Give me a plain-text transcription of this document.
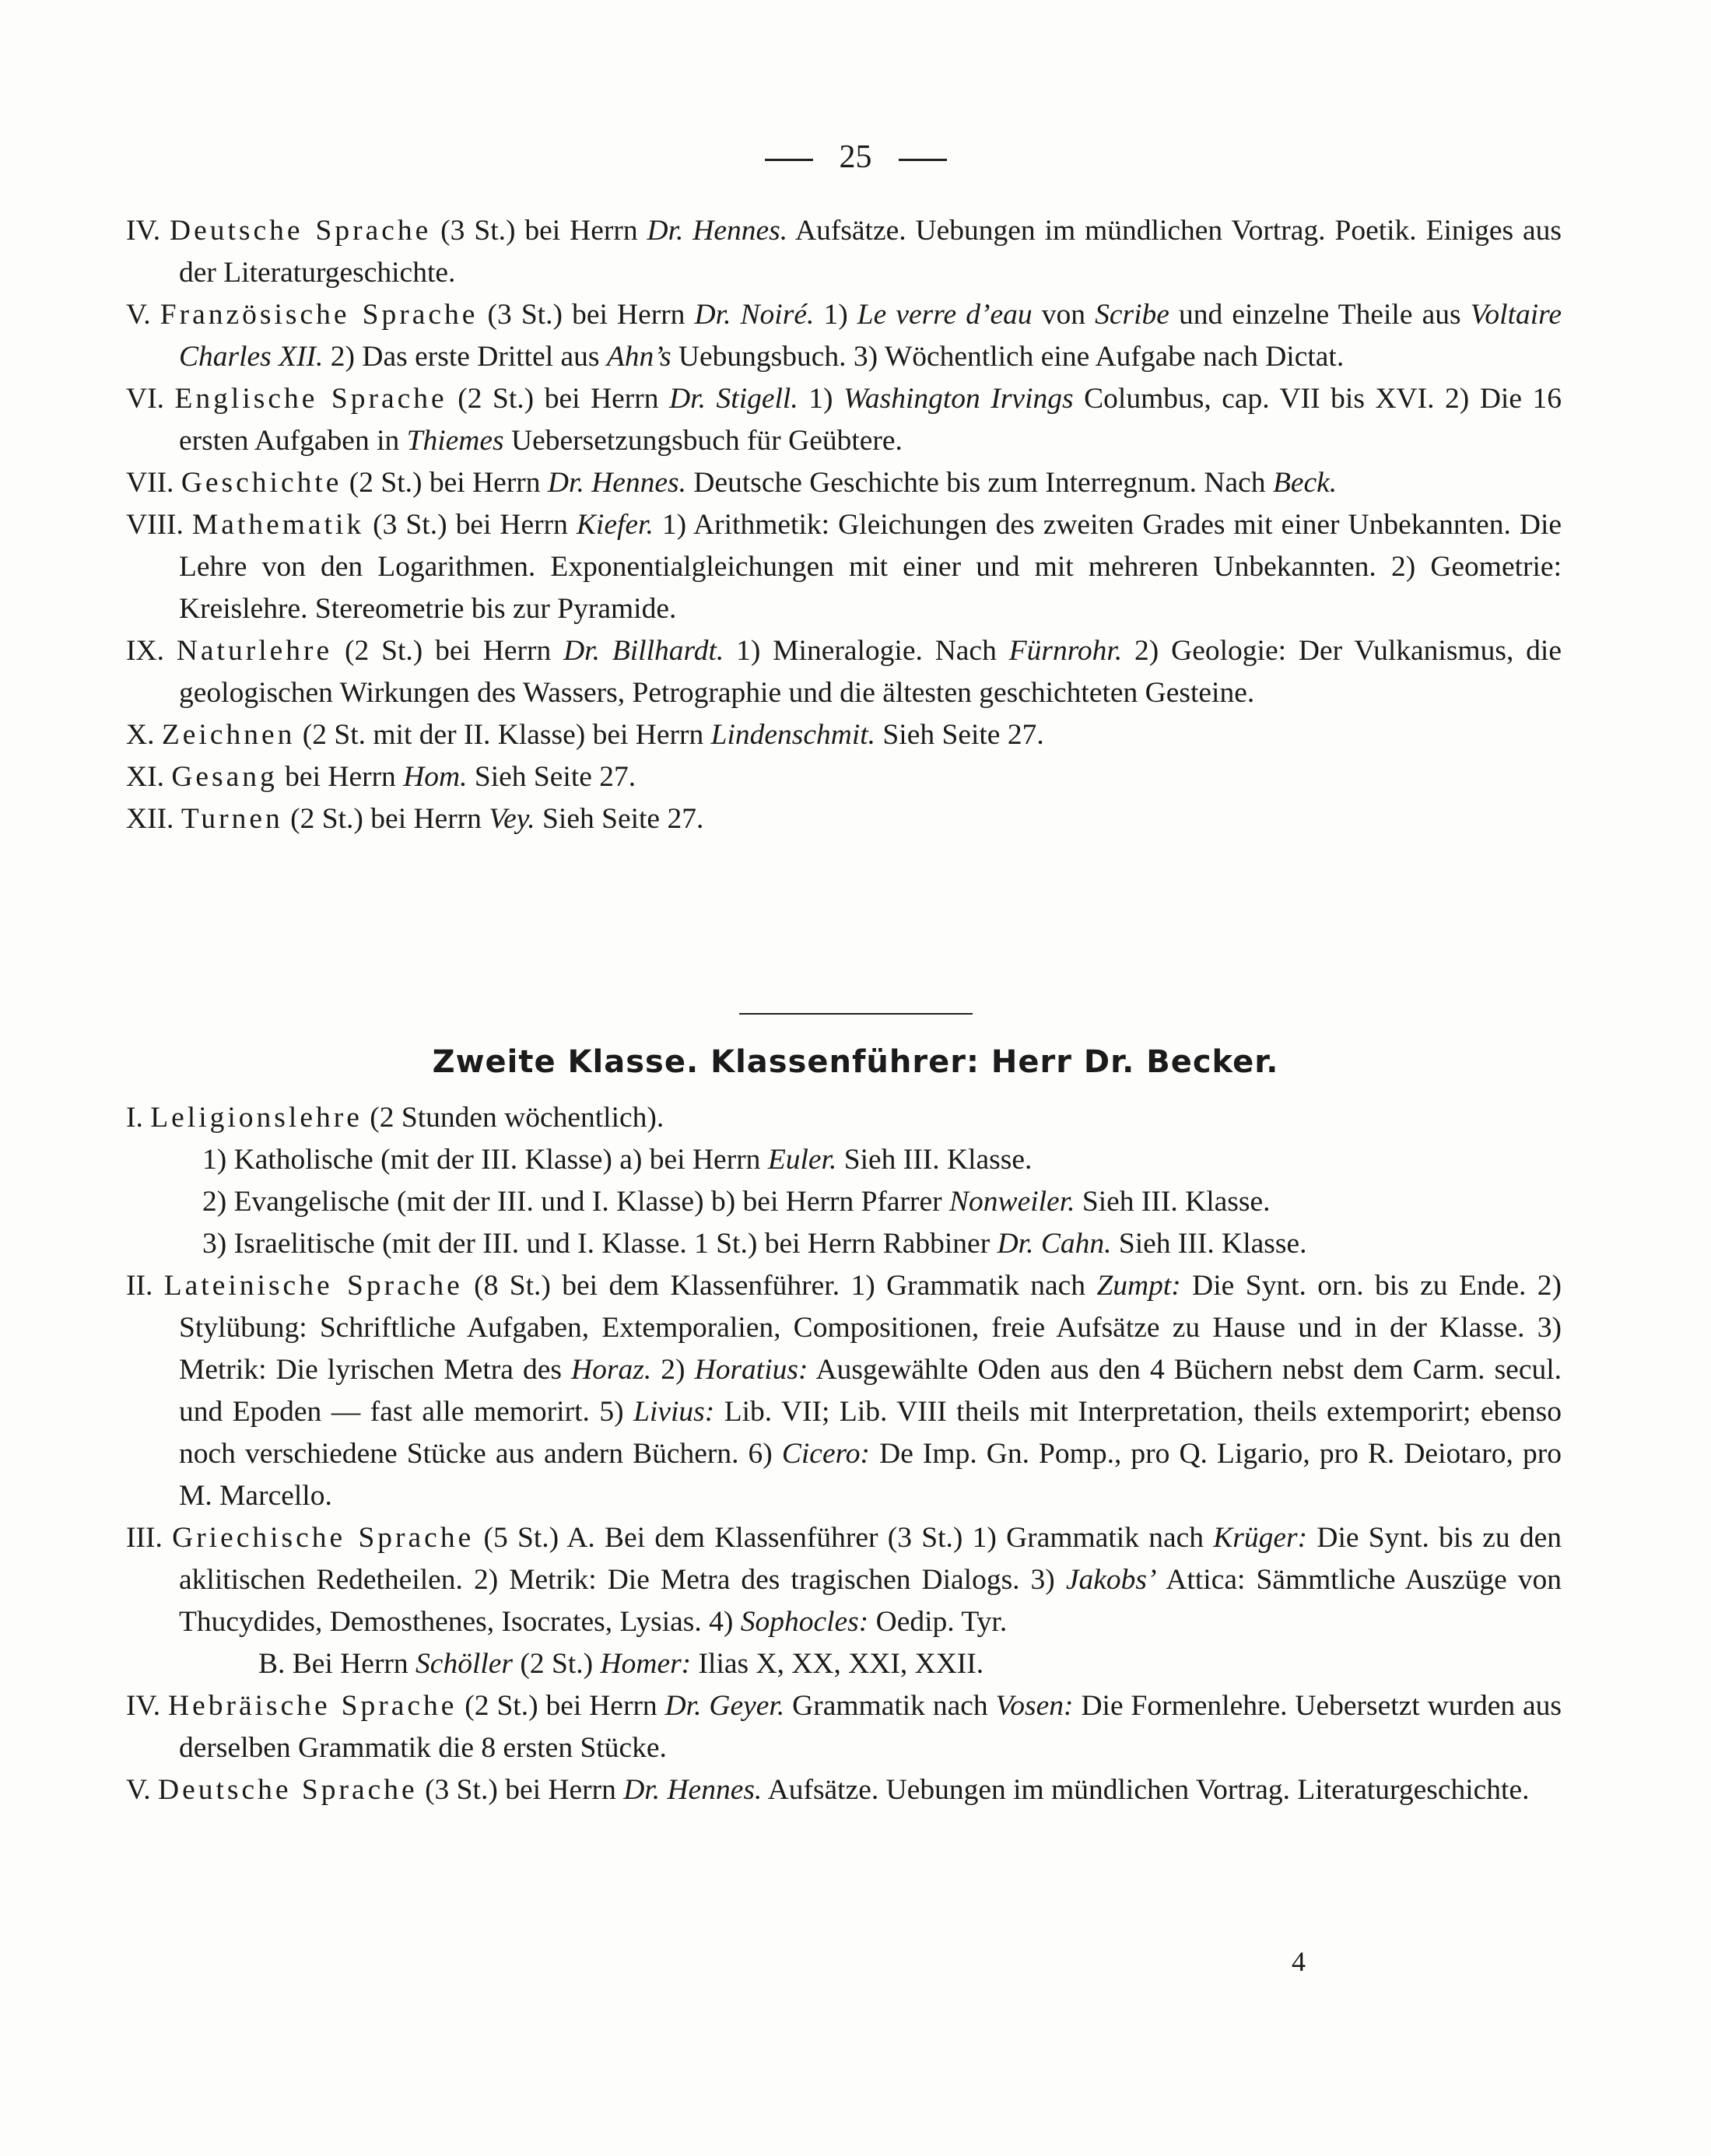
25

IV. Deutsche Sprache (3 St.) bei Herrn Dr. Hennes. Aufsätze. Uebungen im mündlichen Vortrag. Poetik. Einiges aus der Literaturgeschichte.

V. Französische Sprache (3 St.) bei Herrn Dr. Noiré. 1) Le verre d’eau von Scribe und einzelne Theile aus Voltaire Charles XII. 2) Das erste Drittel aus Ahn’s Uebungsbuch. 3) Wöchentlich eine Aufgabe nach Dictat.

VI. Englische Sprache (2 St.) bei Herrn Dr. Stigell. 1) Washington Irvings Columbus, cap. VII bis XVI. 2) Die 16 ersten Aufgaben in Thiemes Uebersetzungsbuch für Geübtere.

VII. Geschichte (2 St.) bei Herrn Dr. Hennes. Deutsche Geschichte bis zum Interregnum. Nach Beck.

VIII. Mathematik (3 St.) bei Herrn Kiefer. 1) Arithmetik: Gleichungen des zweiten Grades mit einer Unbekannten. Die Lehre von den Logarithmen. Exponentialgleichungen mit einer und mit mehreren Unbekannten. 2) Geometrie: Kreislehre. Stereometrie bis zur Pyramide.

IX. Naturlehre (2 St.) bei Herrn Dr. Billhardt. 1) Mineralogie. Nach Fürnrohr. 2) Geologie: Der Vulkanismus, die geologischen Wirkungen des Wassers, Petrographie und die ältesten geschichteten Gesteine.

X. Zeichnen (2 St. mit der II. Klasse) bei Herrn Lindenschmit. Sieh Seite 27.

XI. Gesang bei Herrn Hom. Sieh Seite 27.

XII. Turnen (2 St.) bei Herrn Vey. Sieh Seite 27.

Zweite Klasse. Klassenführer: Herr Dr. Becker.

I. Leligionslehre (2 Stunden wöchentlich).

1) Katholische (mit der III. Klasse) a) bei Herrn Euler. Sieh III. Klasse.

2) Evangelische (mit der III. und I. Klasse) b) bei Herrn Pfarrer Nonweiler. Sieh III. Klasse.

3) Israelitische (mit der III. und I. Klasse. 1 St.) bei Herrn Rabbiner Dr. Cahn. Sieh III. Klasse.

II. Lateinische Sprache (8 St.) bei dem Klassenführer. 1) Grammatik nach Zumpt: Die Synt. orn. bis zu Ende. 2) Stylübung: Schriftliche Aufgaben, Extemporalien, Compositionen, freie Aufsätze zu Hause und in der Klasse. 3) Metrik: Die lyrischen Metra des Horaz. 2) Horatius: Ausgewählte Oden aus den 4 Büchern nebst dem Carm. secul. und Epoden — fast alle memorirt. 5) Livius: Lib. VII; Lib. VIII theils mit Interpretation, theils extemporirt; ebenso noch verschiedene Stücke aus andern Büchern. 6) Cicero: De Imp. Gn. Pomp., pro Q. Ligario, pro R. Deiotaro, pro M. Marcello.

III. Griechische Sprache (5 St.) A. Bei dem Klassenführer (3 St.) 1) Grammatik nach Krüger: Die Synt. bis zu den aklitischen Redetheilen. 2) Metrik: Die Metra des tragischen Dialogs. 3) Jakobs’ Attica: Sämmtliche Auszüge von Thucydides, Demosthenes, Isocrates, Lysias. 4) Sophocles: Oedip. Tyr.

B. Bei Herrn Schöller (2 St.) Homer: Ilias X, XX, XXI, XXII.

IV. Hebräische Sprache (2 St.) bei Herrn Dr. Geyer. Grammatik nach Vosen: Die Formenlehre. Uebersetzt wurden aus derselben Grammatik die 8 ersten Stücke.

V. Deutsche Sprache (3 St.) bei Herrn Dr. Hennes. Aufsätze. Uebungen im mündlichen Vortrag. Literaturgeschichte.

4
